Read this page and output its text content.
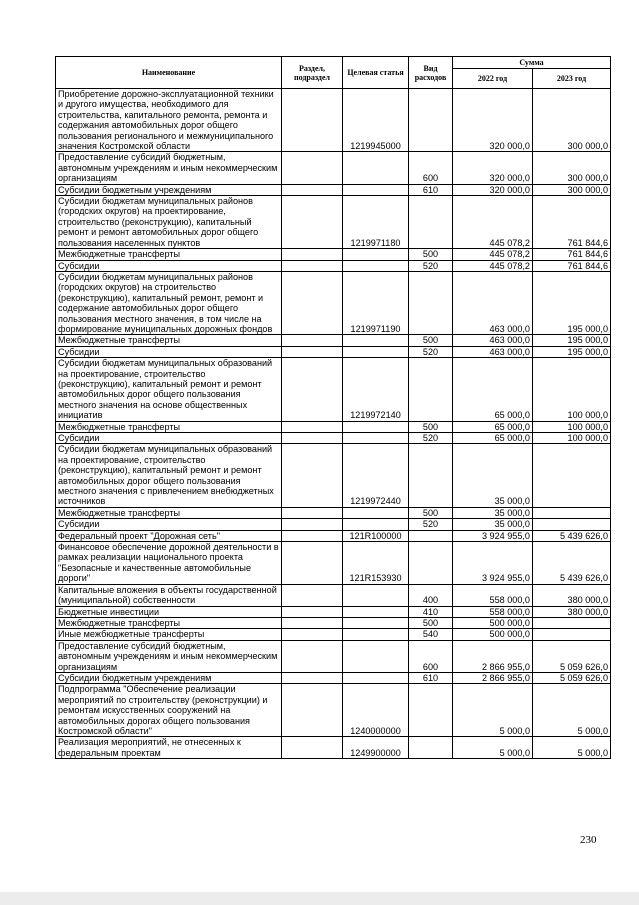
Наименование	Раздел, подраздел	Целевая статья	Вид расходов	Сумма	
				2022 год	2023 год
Приобретение дорожно-эксплуатационной техники и другого имущества, необходимого для строительства, капитального ремонта, ремонта и содержания автомобильных дорог общего пользования регионального и межмуниципального значения Костромской области		1219945000		320 000,0	300 000,0
Предоставление субсидий бюджетным, автономным учреждениям и иным некоммерческим организациям			600	320 000,0	300 000,0
Субсидии бюджетным учреждениям			610	320 000,0	300 000,0
Субсидии бюджетам муниципальных районов (городских округов) на проектирование, строительство (реконструкцию), капитальный ремонт и ремонт автомобильных дорог общего пользования населенных пунктов		1219971180		445 078,2	761 844,6
Межбюджетные трансферты			500	445 078,2	761 844,6
Субсидии			520	445 078,2	761 844,6
Субсидии бюджетам муниципальных районов (городских округов) на строительство (реконструкцию), капитальный ремонт, ремонт и содержание автомобильных дорог общего пользования местного значения, в том числе на формирование муниципальных дорожных фондов		1219971190		463 000,0	195 000,0
Межбюджетные трансферты			500	463 000,0	195 000,0
Субсидии			520	463 000,0	195 000,0
Субсидии бюджетам муниципальных образований на проектирование, строительство (реконструкцию), капитальный ремонт и ремонт автомобильных дорог общего пользования местного значения на основе общественных инициатив		1219972140		65 000,0	100 000,0
Межбюджетные трансферты			500	65 000,0	100 000,0
Субсидии			520	65 000,0	100 000,0
Субсидии бюджетам муниципальных образований на проектирование, строительство (реконструкцию), капитальный ремонт и ремонт автомобильных дорог общего пользования местного значения с привлечением внебюджетных источников		1219972440		35 000,0	
Межбюджетные трансферты			500	35 000,0	
Субсидии			520	35 000,0	
Федеральный проект "Дорожная сеть"		121R100000		3 924 955,0	5 439 626,0
Финансовое обеспечение дорожной деятельности в рамках реализации национального проекта "Безопасные и качественные автомобильные дороги"		121R153930		3 924 955,0	5 439 626,0
Капитальные вложения в объекты государственной (муниципальной) собственности			400	558 000,0	380 000,0
Бюджетные инвестиции			410	558 000,0	380 000,0
Межбюджетные трансферты			500	500 000,0	
Иные межбюджетные трансферты			540	500 000,0	
Предоставление субсидий бюджетным, автономным учреждениям и иным некоммерческим организациям			600	2 866 955,0	5 059 626,0
Субсидии бюджетным учреждениям			610	2 866 955,0	5 059 626,0
Подпрограмма "Обеспечение реализации мероприятий по строительству (реконструкции) и ремонтам искусственных сооружений на автомобильных дорогах общего пользования Костромской области"		1240000000		5 000,0	5 000,0
Реализация мероприятий, не отнесенных к федеральным проектам		1249900000		5 000,0	5 000,0
230
